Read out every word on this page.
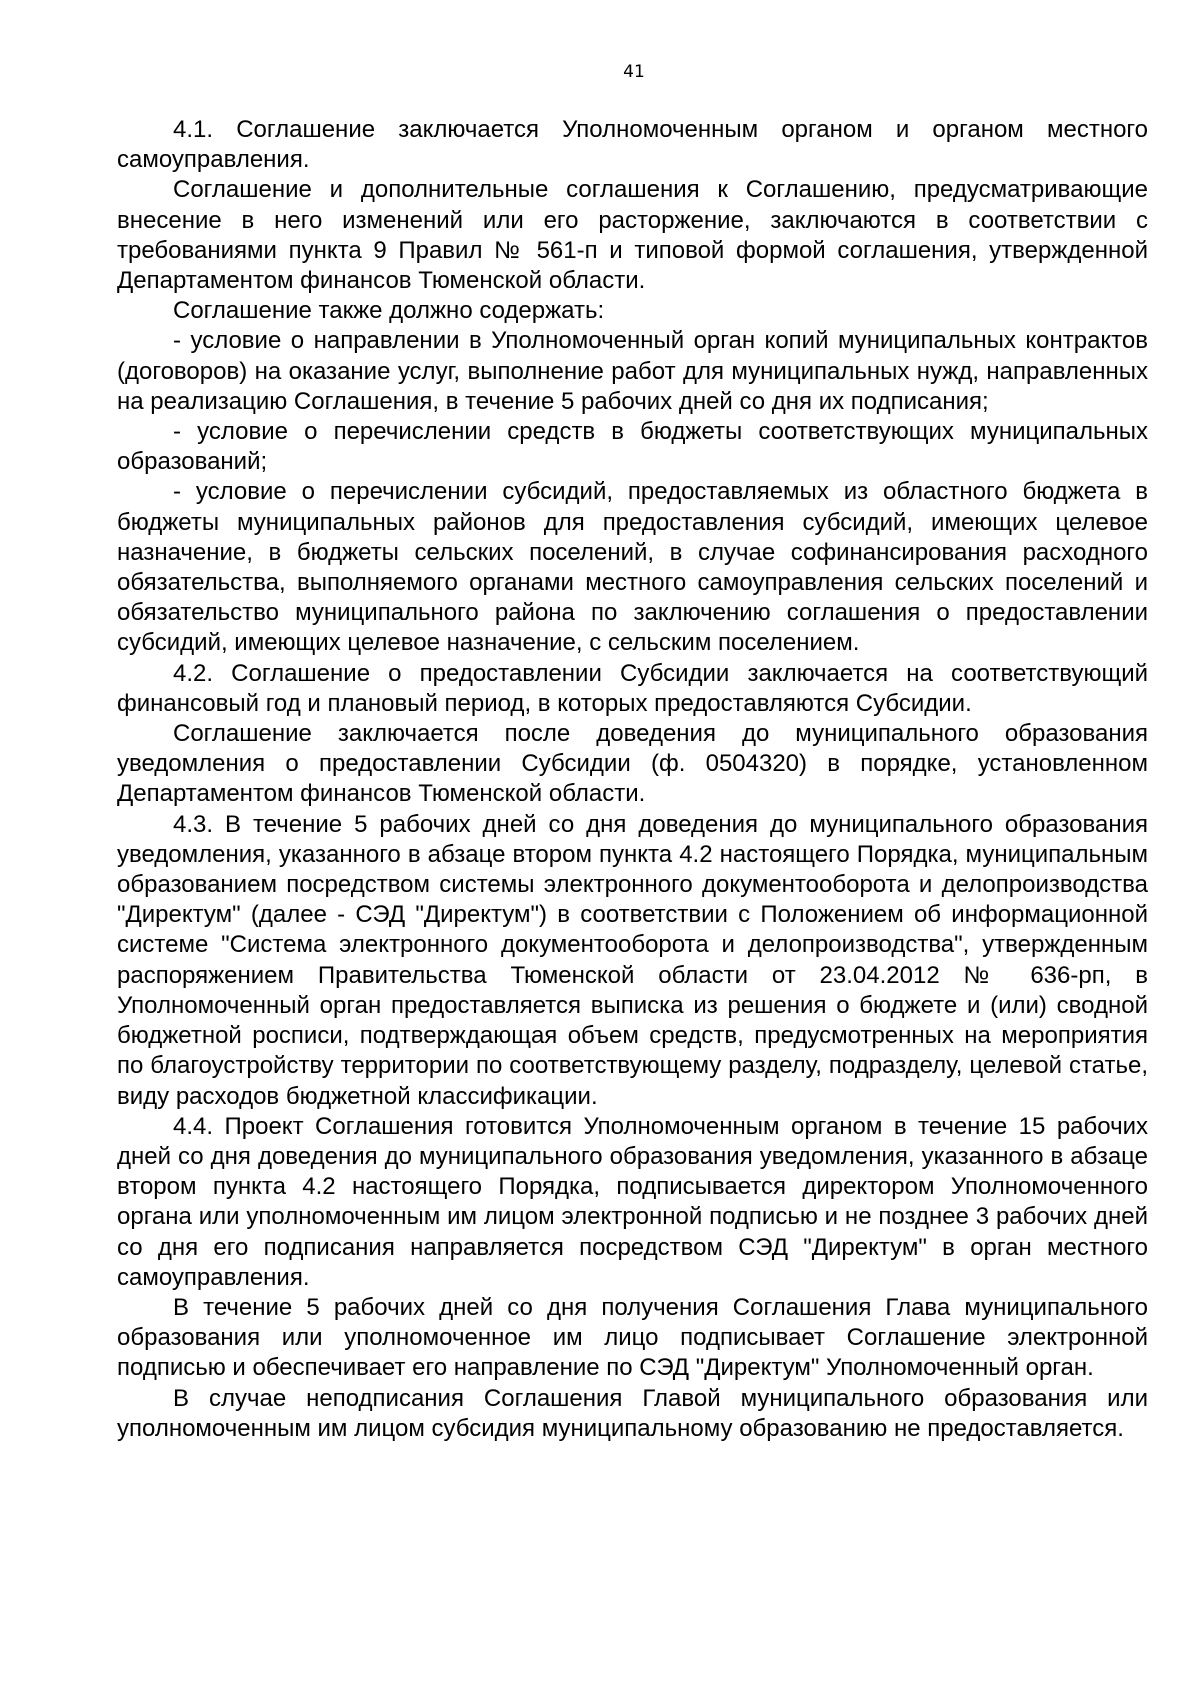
41

4.1. Соглашение заключается Уполномоченным органом и органом местного самоуправления.

Соглашение и дополнительные соглашения к Соглашению, предусматривающие внесение в него изменений или его расторжение, заключаются в соответствии с требованиями пункта 9 Правил № 561-п и типовой формой соглашения, утвержденной Департаментом финансов Тюменской области.

Соглашение также должно содержать:

- условие о направлении в Уполномоченный орган копий муниципальных контрактов (договоров) на оказание услуг, выполнение работ для муниципальных нужд, направленных на реализацию Соглашения, в течение 5 рабочих дней со дня их подписания;

- условие о перечислении средств в бюджеты соответствующих муниципальных образований;

- условие о перечислении субсидий, предоставляемых из областного бюджета в бюджеты муниципальных районов для предоставления субсидий, имеющих целевое назначение, в бюджеты сельских поселений, в случае софинансирования расходного обязательства, выполняемого органами местного самоуправления сельских поселений и обязательство муниципального района по заключению соглашения о предоставлении субсидий, имеющих целевое назначение, с сельским поселением.

4.2. Соглашение о предоставлении Субсидии заключается на соответствующий финансовый год и плановый период, в которых предоставляются Субсидии.

Соглашение заключается после доведения до муниципального образования уведомления о предоставлении Субсидии (ф. 0504320) в порядке, установленном Департаментом финансов Тюменской области.

4.3. В течение 5 рабочих дней со дня доведения до муниципального образования уведомления, указанного в абзаце втором пункта 4.2 настоящего Порядка, муниципальным образованием посредством системы электронного документооборота и делопроизводства "Директум" (далее - СЭД "Директум") в соответствии с Положением об информационной системе "Система электронного документооборота и делопроизводства", утвержденным распоряжением Правительства Тюменской области от 23.04.2012 № 636-рп, в Уполномоченный орган предоставляется выписка из решения о бюджете и (или) сводной бюджетной росписи, подтверждающая объем средств, предусмотренных на мероприятия по благоустройству территории по соответствующему разделу, подразделу, целевой статье, виду расходов бюджетной классификации.

4.4. Проект Соглашения готовится Уполномоченным органом в течение 15 рабочих дней со дня доведения до муниципального образования уведомления, указанного в абзаце втором пункта 4.2 настоящего Порядка, подписывается директором Уполномоченного органа или уполномоченным им лицом электронной подписью и не позднее 3 рабочих дней со дня его подписания направляется посредством СЭД "Директум" в орган местного самоуправления.

В течение 5 рабочих дней со дня получения Соглашения Глава муниципального образования или уполномоченное им лицо подписывает Соглашение электронной подписью и обеспечивает его направление по СЭД "Директум" Уполномоченный орган.

В случае неподписания Соглашения Главой муниципального образования или уполномоченным им лицом субсидия муниципальному образованию не предоставляется.
